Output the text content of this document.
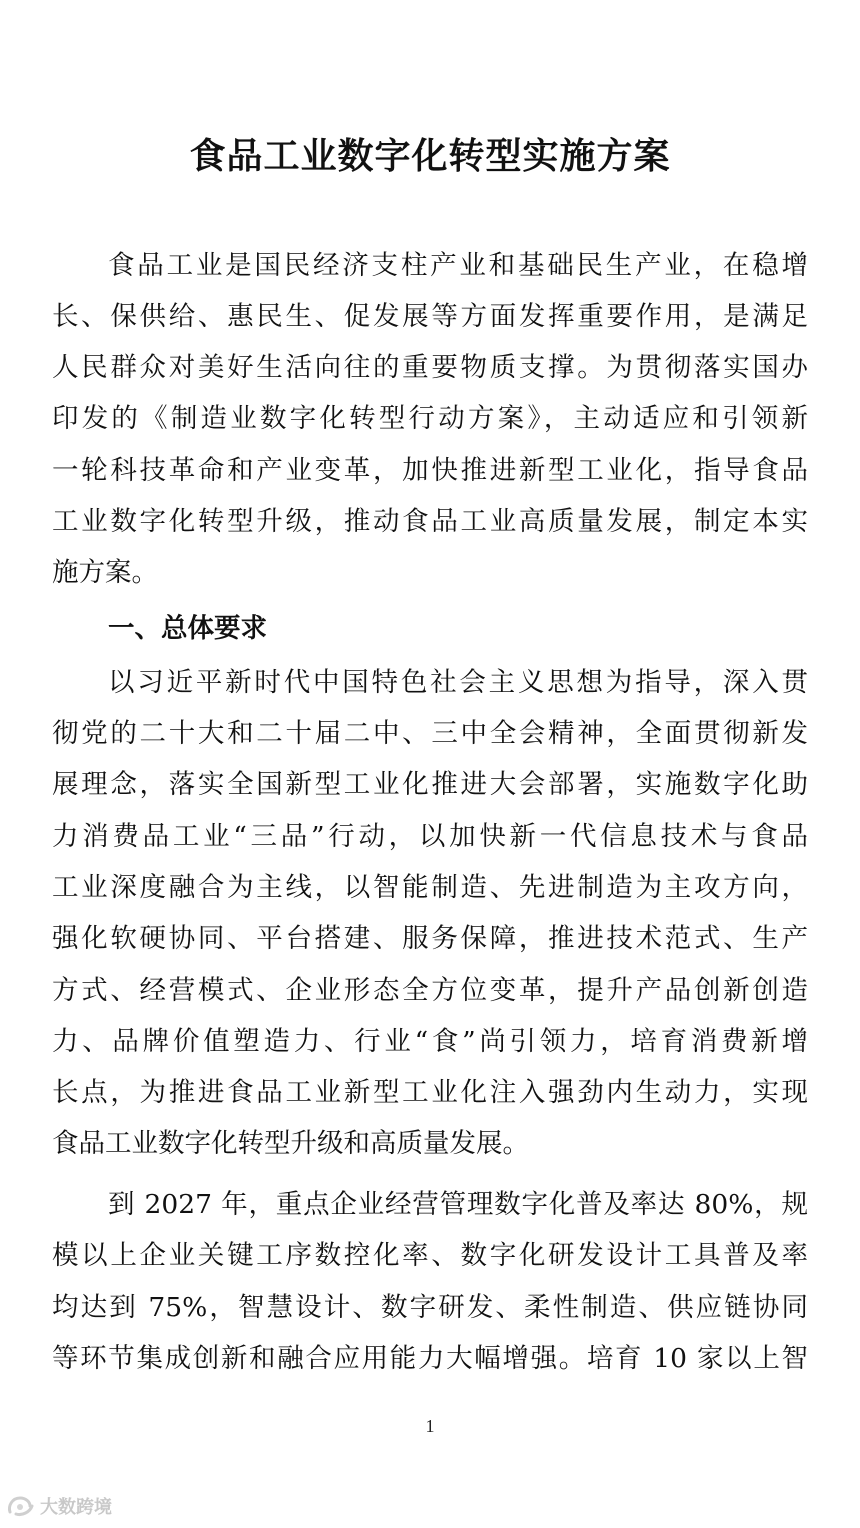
食品工业数字化转型实施方案
食品工业是国民经济支柱产业和基础民生产业，在稳增
长、保供给、惠民生、促发展等方面发挥重要作用，是满足
人民群众对美好生活向往的重要物质支撑。为贯彻落实国办
印发的《制造业数字化转型行动方案》，主动适应和引领新
一轮科技革命和产业变革，加快推进新型工业化，指导食品
工业数字化转型升级，推动食品工业高质量发展，制定本实
施方案。
一、总体要求
以习近平新时代中国特色社会主义思想为指导，深入贯
彻党的二十大和二十届二中、三中全会精神，全面贯彻新发
展理念，落实全国新型工业化推进大会部署，实施数字化助
力消费品工业“三品”行动，以加快新一代信息技术与食品
工业深度融合为主线，以智能制造、先进制造为主攻方向，
强化软硬协同、平台搭建、服务保障，推进技术范式、生产
方式、经营模式、企业形态全方位变革，提升产品创新创造
力、品牌价值塑造力、行业“食”尚引领力，培育消费新增
长点，为推进食品工业新型工业化注入强劲内生动力，实现
食品工业数字化转型升级和高质量发展。
到 2027 年，重点企业经营管理数字化普及率达 80%，规
模以上企业关键工序数控化率、数字化研发设计工具普及率
均达到 75%，智慧设计、数字研发、柔性制造、供应链协同
等环节集成创新和融合应用能力大幅增强。培育 10 家以上智
1
大数跨境
